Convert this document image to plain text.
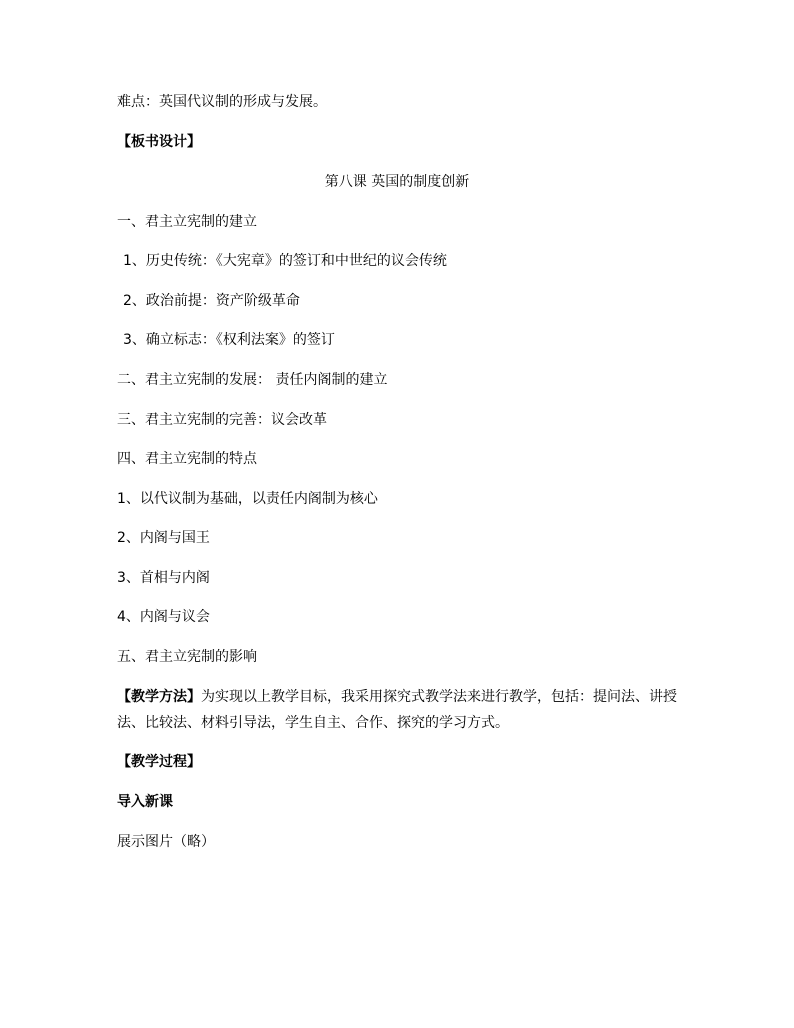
难点：英国代议制的形成与发展。
【板书设计】
第八课 英国的制度创新
一、君主立宪制的建立
1、历史传统：《大宪章》的签订和中世纪的议会传统
2、政治前提：资产阶级革命
3、确立标志：《权利法案》的签订
二、君主立宪制的发展： 责任内阁制的建立
三、君主立宪制的完善：议会改革
四、君主立宪制的特点
1、以代议制为基础，以责任内阁制为核心
2、内阁与国王
3、首相与内阁
4、内阁与议会
五、君主立宪制的影响
【教学方法】为实现以上教学目标，我采用探究式教学法来进行教学，包括：提问法、讲授
法、比较法、材料引导法，学生自主、合作、探究的学习方式。
【教学过程】
导入新课
展示图片（略）
